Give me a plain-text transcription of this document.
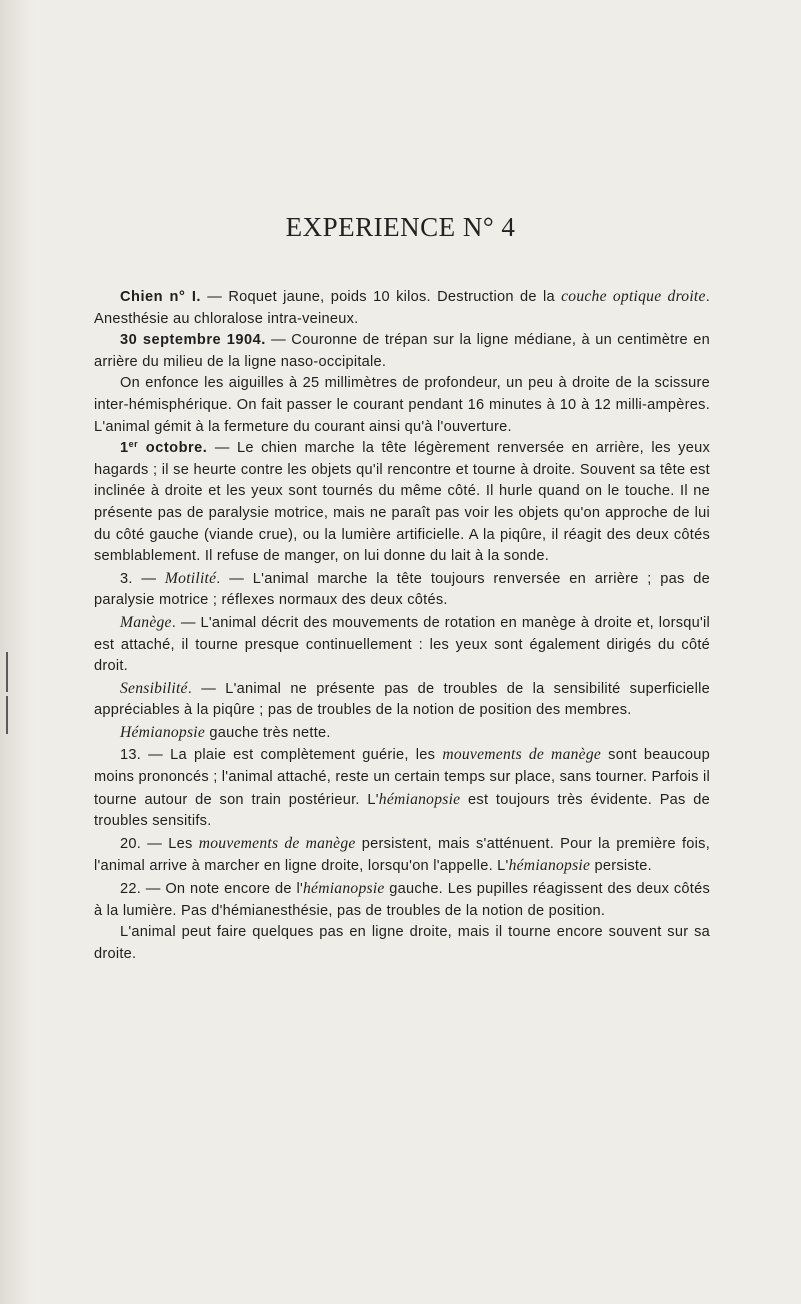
EXPERIENCE N° 4

Chien n° I. — Roquet jaune, poids 10 kilos. Destruction de la couche optique droite. Anesthésie au chloralose intra-veineux.

30 septembre 1904. — Couronne de trépan sur la ligne médiane, à un centimètre en arrière du milieu de la ligne naso-occipitale.

On enfonce les aiguilles à 25 millimètres de profondeur, un peu à droite de la scissure inter-hémisphérique. On fait passer le courant pendant 16 minutes à 10 à 12 milli-ampères. L'animal gémit à la fermeture du courant ainsi qu'à l'ouverture.

1er octobre. — Le chien marche la tête légèrement renversée en arrière, les yeux hagards ; il se heurte contre les objets qu'il rencontre et tourne à droite. Souvent sa tête est inclinée à droite et les yeux sont tournés du même côté. Il hurle quand on le touche. Il ne présente pas de paralysie motrice, mais ne paraît pas voir les objets qu'on approche de lui du côté gauche (viande crue), ou la lumière artificielle. A la piqûre, il réagit des deux côtés semblablement. Il refuse de manger, on lui donne du lait à la sonde.

3. — Motilité. — L'animal marche la tête toujours renversée en arrière ; pas de paralysie motrice ; réflexes normaux des deux côtés.

Manège. — L'animal décrit des mouvements de rotation en manège à droite et, lorsqu'il est attaché, il tourne presque continuellement : les yeux sont également dirigés du côté droit.

Sensibilité. — L'animal ne présente pas de troubles de la sensibilité superficielle appréciables à la piqûre ; pas de troubles de la notion de position des membres.

Hémianopsie gauche très nette.

13. — La plaie est complètement guérie, les mouvements de manège sont beaucoup moins prononcés ; l'animal attaché, reste un certain temps sur place, sans tourner. Parfois il tourne autour de son train postérieur. L'hémianopsie est toujours très évidente. Pas de troubles sensitifs.

20. — Les mouvements de manège persistent, mais s'atténuent. Pour la première fois, l'animal arrive à marcher en ligne droite, lorsqu'on l'appelle. L'hémianopsie persiste.

22. — On note encore de l'hémianopsie gauche. Les pupilles réagissent des deux côtés à la lumière. Pas d'hémianesthésie, pas de troubles de la notion de position.

L'animal peut faire quelques pas en ligne droite, mais il tourne encore souvent sur sa droite.
